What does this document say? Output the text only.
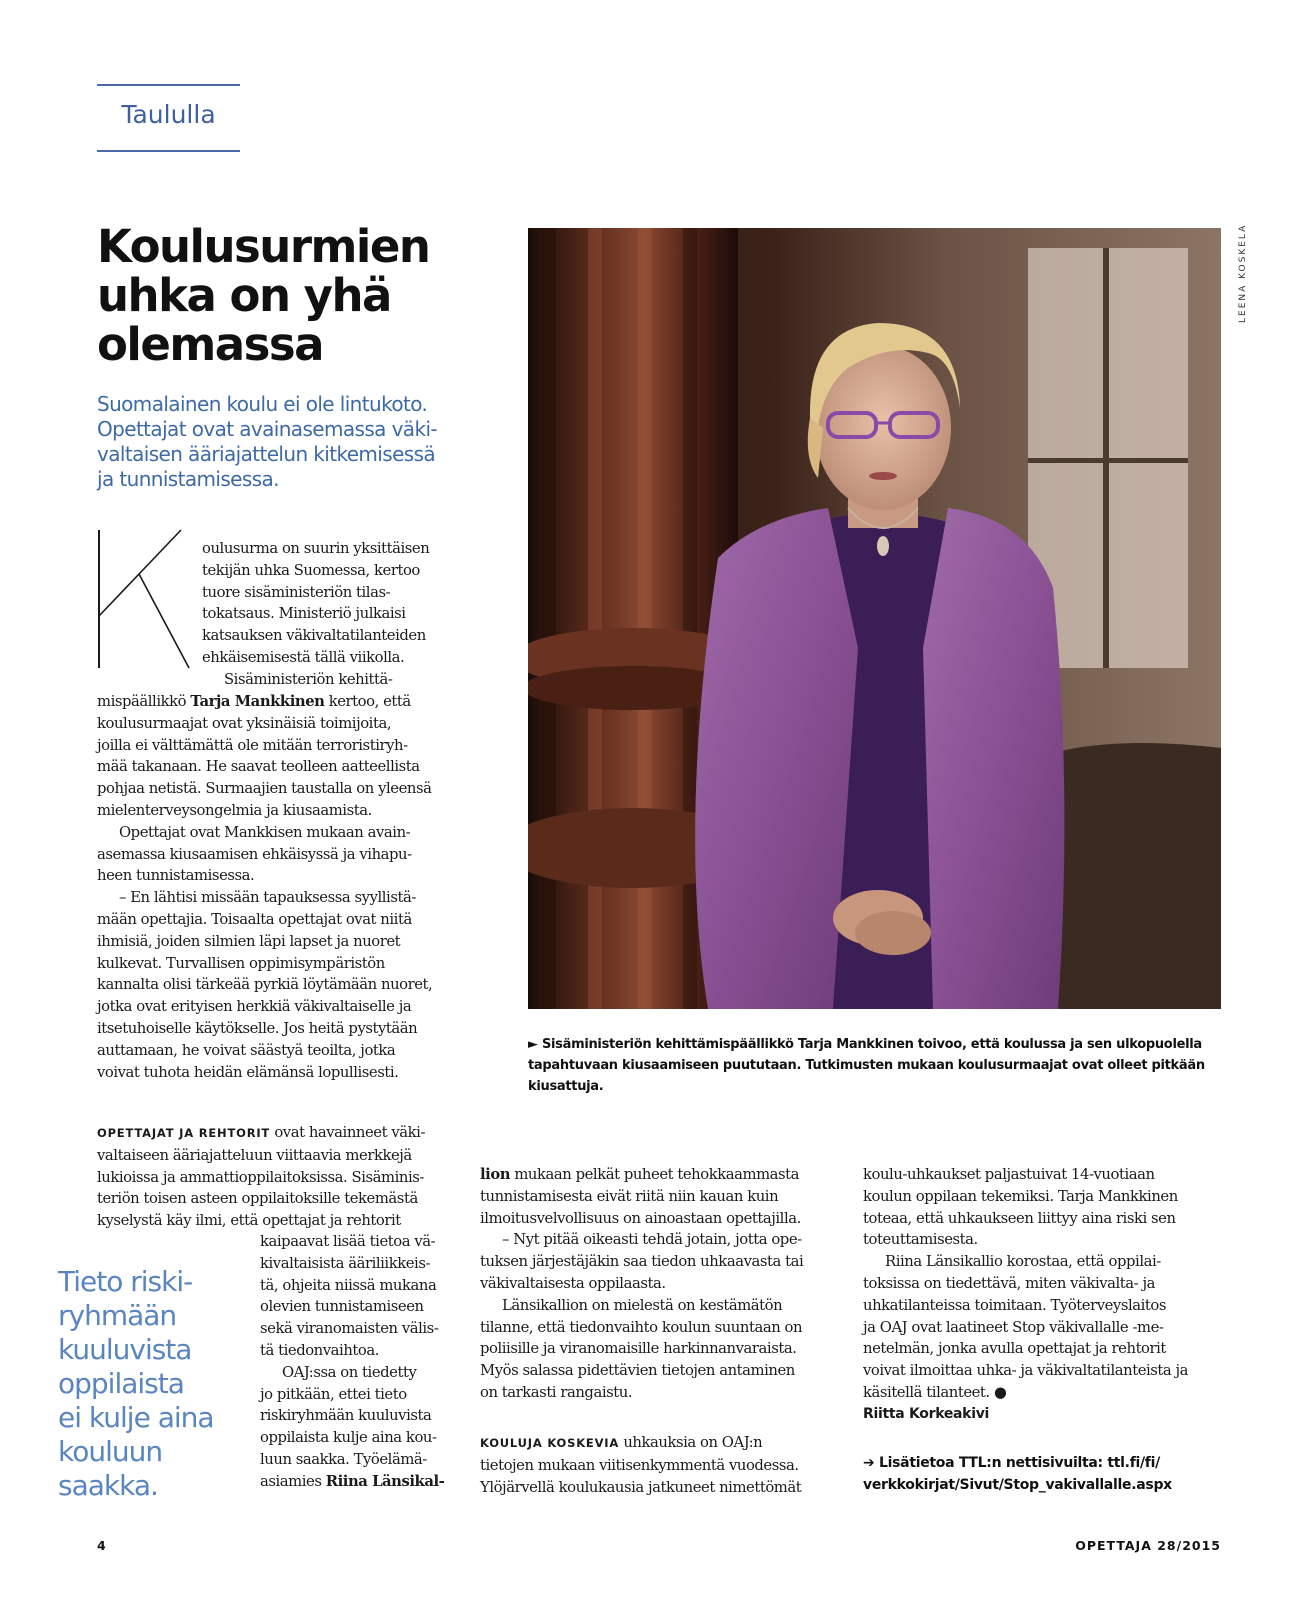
Taulullа
Koulusurmien
uhka on yhä
olemassa
Suomalainen koulu ei ole lintukoto.
Opettajat ovat avainasemassa väki-
valtaisen ääriajattelun kitkemisessä
ja tunnistamisessa.

oulusurma on suurin yksittäisen

tekijän uhka Suomessa, kertoo

tuore sisäministeriön tilas-

tokatsaus. Ministeriö julkaisi

katsauksen väkivaltatilanteiden

ehkäisemisestä tällä viikolla.

Sisäministeriön kehittä-

mispäällikkö Tarja Mankkinen kertoo, että

koulusurmaajat ovat yksinäisiä toimijoita,

joilla ei välttämättä ole mitään terroristiryh-

mää takanaan. He saavat teolleen aatteellista

pohjaa netistä. Surmaajien taustalla on yleensä

mielenterveysongelmia ja kiusaamista.

Opettajat ovat Mankkisen mukaan avain-

asemassa kiusaamisen ehkäisyssä ja vihapu-

heen tunnistamisessa.

– En lähtisi missään tapauksessa syyllistä-

mään opettajia. Toisaalta opettajat ovat niitä

ihmisiä, joiden silmien läpi lapset ja nuoret

kulkevat. Turvallisen oppimisympäristön

kannalta olisi tärkeää pyrkiä löytämään nuoret,

jotka ovat erityisen herkkiä väkivaltaiselle ja

itsetuhoiselle käytökselle. Jos heitä pystytään

auttamaan, he voivat säästyä teoilta, jotka

voivat tuhota heidän elämänsä lopullisesti.

OPETTAJAT JA REHTORIT ovat havainneet väki-

valtaiseen ääriajatteluun viittaavia merkkejä

lukioissa ja ammattioppilaitoksissa. Sisäminis-

teriön toisen asteen oppilaitoksille tekemästä

kyselystä käy ilmi, että opettajat ja rehtorit

kaipaavat lisää tietoa vä-

kivaltaisista ääriliikkeis-

tä, ohjeita niissä mukana

olevien tunnistamiseen

sekä viranomaisten välis-

tä tiedonvaihtoa.

OAJ:ssa on tiedetty

jo pitkään, ettei tieto

riskiryhmään kuuluvista

oppilaista kulje aina kou-

luun saakka. Työelämä-

asiamies Riina Länsikal-

Tieto riski-
ryhmään
kuuluvista
oppilaista
ei kulje aina
kouluun
saakka.

lion mukaan pelkät puheet tehokkaammasta

tunnistamisesta eivät riitä niin kauan kuin

ilmoitusvelvollisuus on ainoastaan opettajilla.

– Nyt pitää oikeasti tehdä jotain, jotta ope-

tuksen järjestäjäkin saa tiedon uhkaavasta tai

väkivaltaisesta oppilaasta.

Länsikallion on mielestä on kestämätön

tilanne, että tiedonvaihto koulun suuntaan on

poliisille ja viranomaisille harkinnanvaraista.

Myös salassa pidettävien tietojen antaminen

on tarkasti rangaistu.

KOULUJA KOSKEVIA uhkauksia on OAJ:n

tietojen mukaan viitisenkymmentä vuodessa.

Ylöjärvellä koulukausia jatkuneet nimettömät

koulu-uhkaukset paljastuivat 14-vuotiaan

koulun oppilaan tekemiksi. Tarja Mankkinen

toteaa, että uhkaukseen liittyy aina riski sen

toteuttamisesta.

Riina Länsikallio korostaa, että oppilai-

toksissa on tiedettävä, miten väkivalta- ja

uhkatilanteissa toimitaan. Työterveyslaitos

ja OAJ ovat laatineet Stop väkivallalle -me-

netelmän, jonka avulla opettajat ja rehtorit

voivat ilmoittaa uhka- ja väkivaltatilanteista ja

käsitellä tilanteet. ●

Riitta Korkeakivi

➔ Lisätietoa TTL:n nettisivuilta: ttl.fi/fi/

verkkokirjat/Sivut/Stop_vakivallalle.aspx

LEENA KOSKELA
► Sisäministeriön kehittämispäällikkö Tarja Mankkinen toivoo, että koulussa ja sen ulkopuolella
tapahtuvaan kiusaamiseen puututaan. Tutkimusten mukaan koulusurmaajat ovat olleet pitkään
kiusattuja.
4	OPETTAJA 28/2015
